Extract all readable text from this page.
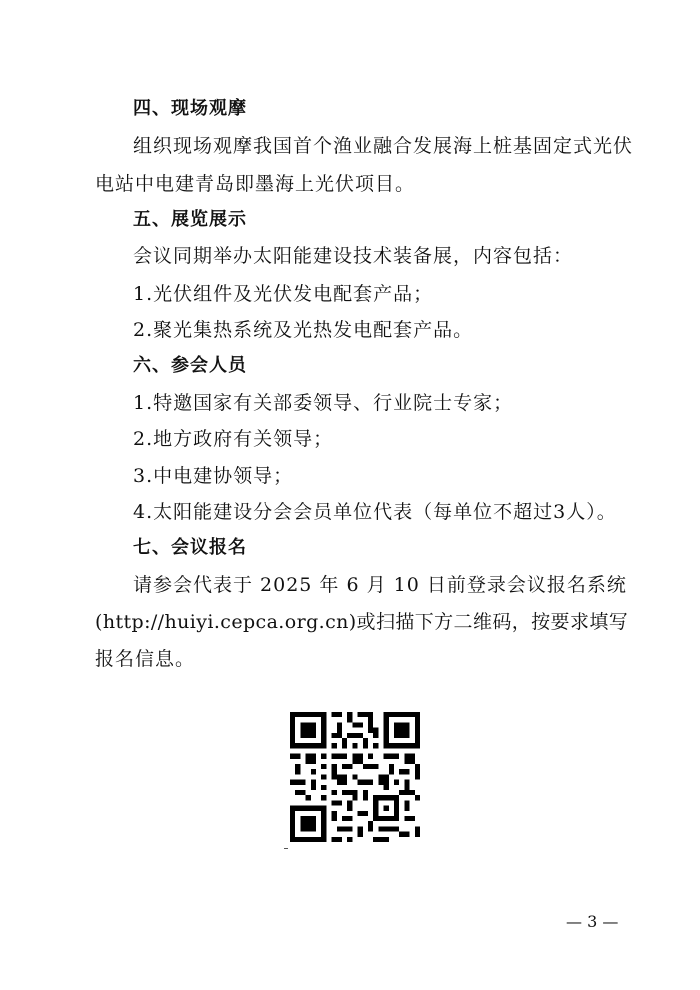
四、现场观摩
组织现场观摩我国首个渔业融合发展海上桩基固定式光伏
电站中电建青岛即墨海上光伏项目。
五、展览展示
会议同期举办太阳能建设技术装备展，内容包括：
1.光伏组件及光伏发电配套产品；
2.聚光集热系统及光热发电配套产品。
六、参会人员
1.特邀国家有关部委领导、行业院士专家；
2.地方政府有关领导；
3.中电建协领导；
4.太阳能建设分会会员单位代表（每单位不超过3人）。
七、会议报名
请参会代表于 2025 年 6 月 10 日前登录会议报名系统
(http://huiyi.cepca.org.cn)或扫描下方二维码，按要求填写
报名信息。
— 3 —
